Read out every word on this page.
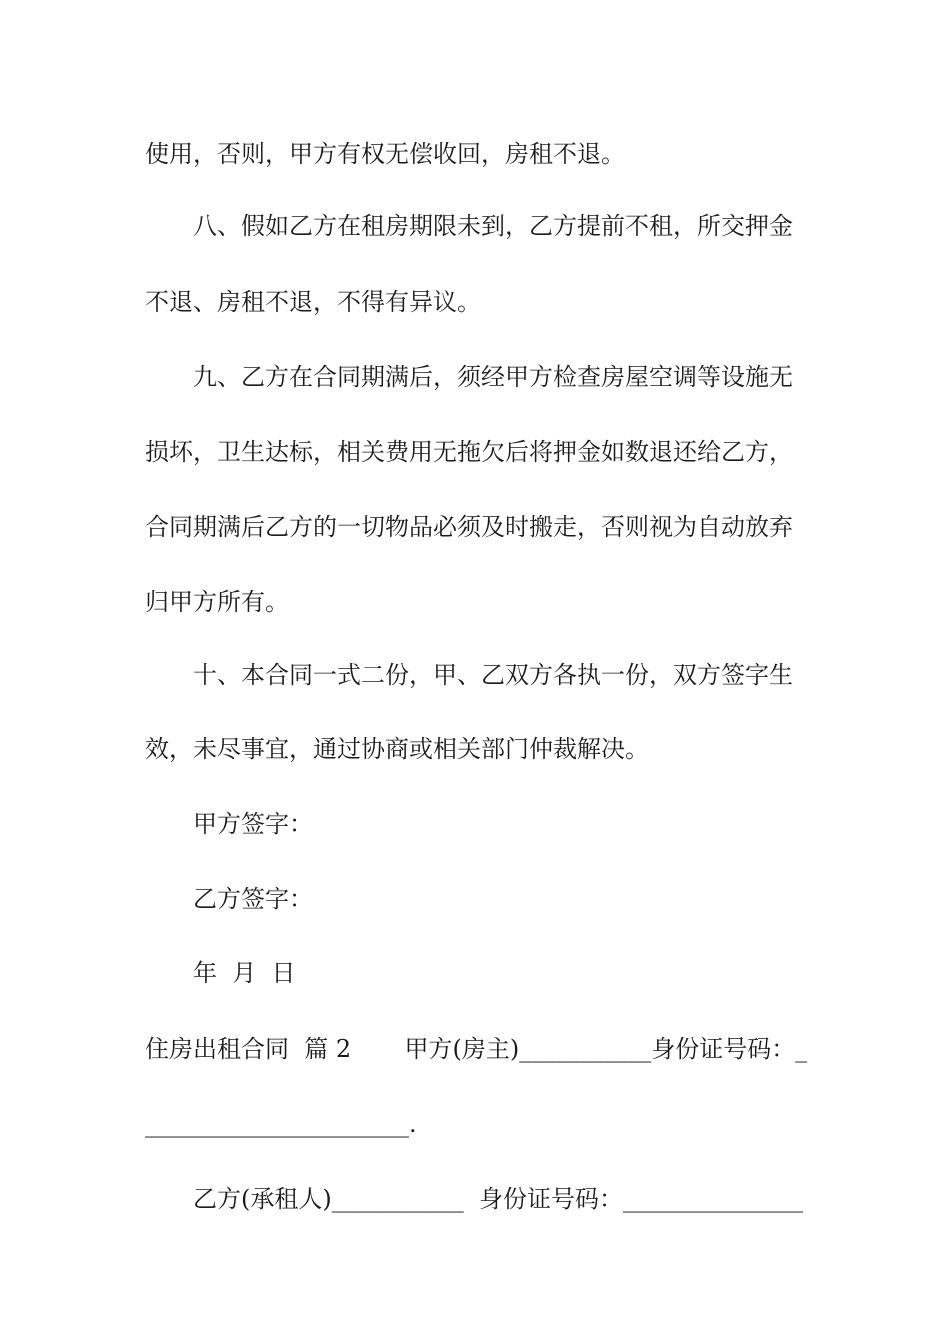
使用，否则，甲方有权无偿收回，房租不退。
八、假如乙方在租房期限未到，乙方提前不租，所交押金
不退、房租不退，不得有异议。
九、乙方在合同期满后，须经甲方检查房屋空调等设施无
损坏，卫生达标，相关费用无拖欠后将押金如数退还给乙方，
合同期满后乙方的一切物品必须及时搬走，否则视为自动放弃
归甲方所有。
十、本合同一式二份，甲、乙双方各执一份，双方签字生
效，未尽事宜，通过协商或相关部门仲裁解决。
甲方签字：
乙方签字：
年  月  日
住房出租合同  篇 2       甲方(房主)___________身份证号码：_
______________________.
乙方(承租人)___________  身份证号码：_______________
